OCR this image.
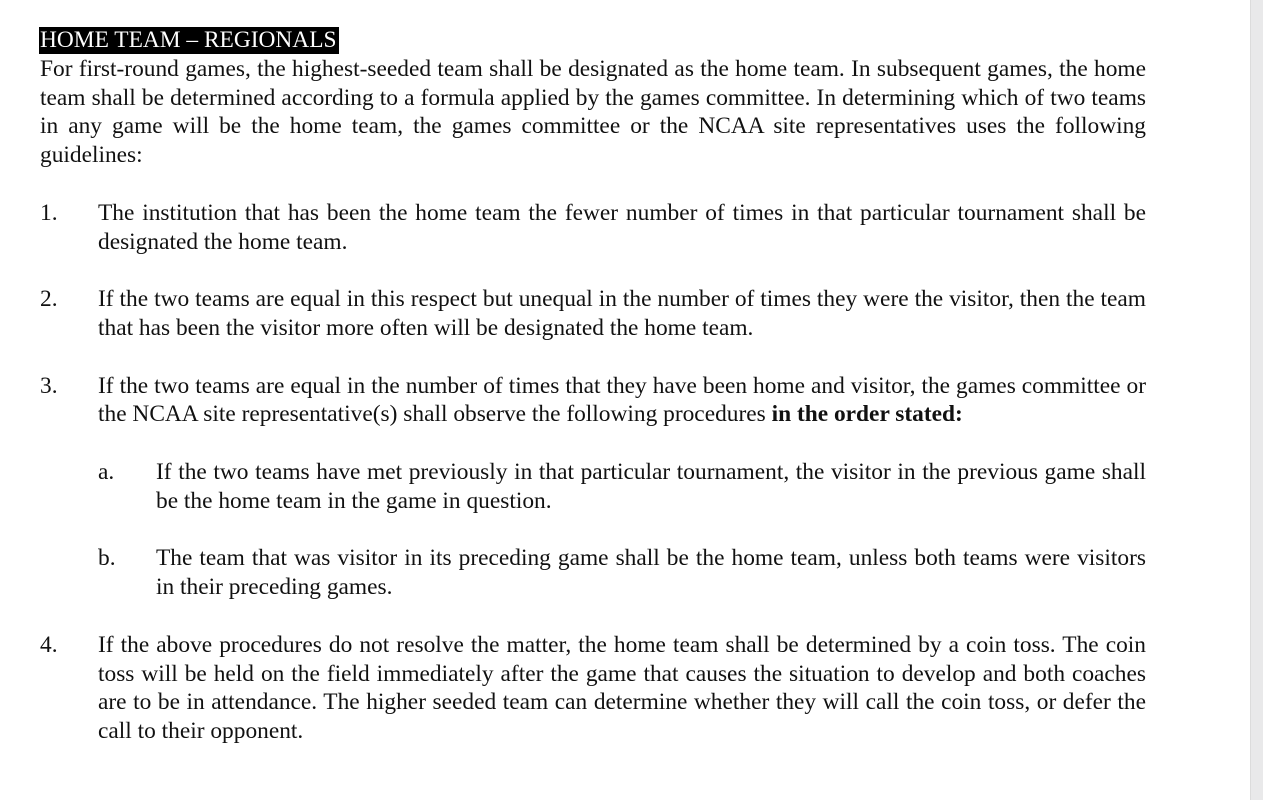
HOME TEAM – REGIONALS
For first-round games, the highest-seeded team shall be designated as the home team. In subsequent games, the home team shall be determined according to a formula applied by the games committee. In determining which of two teams in any game will be the home team, the games committee or the NCAA site representatives uses the following guidelines:
1.	The institution that has been the home team the fewer number of times in that particular tournament shall be designated the home team.
2.	If the two teams are equal in this respect but unequal in the number of times they were the visitor, then the team that has been the visitor more often will be designated the home team.
3.	If the two teams are equal in the number of times that they have been home and visitor, the games committee or the NCAA site representative(s) shall observe the following procedures in the order stated:
a.	If the two teams have met previously in that particular tournament, the visitor in the previous game shall be the home team in the game in question.
b.	The team that was visitor in its preceding game shall be the home team, unless both teams were visitors in their preceding games.
4.	If the above procedures do not resolve the matter, the home team shall be determined by a coin toss. The coin toss will be held on the field immediately after the game that causes the situation to develop and both coaches are to be in attendance. The higher seeded team can determine whether they will call the coin toss, or defer the call to their opponent.
